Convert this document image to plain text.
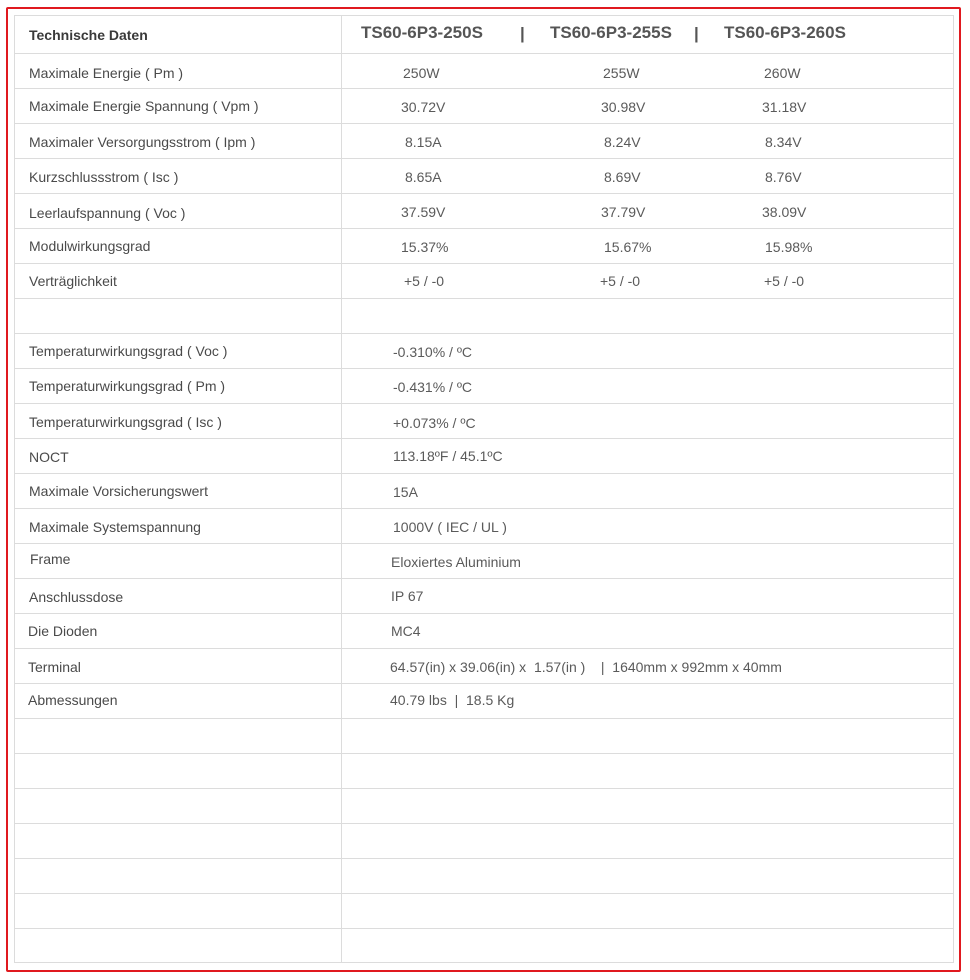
Technische Daten	TS60-6P3-250S | TS60-6P3-255S | TS60-6P3-260S
Maximale Energie ( Pm )	250W	255W	260W
Maximale Energie Spannung ( Vpm )	30.72V	30.98V	31.18V
Maximaler Versorgungsstrom ( Ipm )	8.15A	8.24V	8.34V
Kurzschlussstrom ( Isc )	8.65A	8.69V	8.76V
Leerlaufspannung ( Voc )	37.59V	37.79V	38.09V
Modulwirkungsgrad	15.37%	15.67%	15.98%
Verträglichkeit	+5 / -0	+5 / -0	+5 / -0
Temperaturwirkungsgrad ( Voc )	-0.310% / ºC
Temperaturwirkungsgrad ( Pm )	-0.431% / ºC
Temperaturwirkungsgrad ( Isc )	+0.073% / ºC
NOCT	113.18ºF / 45.1ºC
Maximale Vorsicherungswert	15A
Maximale Systemspannung	1000V ( IEC / UL )
Frame	Eloxiertes Aluminium
Anschlussdose	IP 67
Die Dioden	MC4
Terminal	64.57(in) x 39.06(in) x  1.57(in )    |  1640mm x 992mm x 40mm
Abmessungen	40.79 lbs  |  18.5 Kg
